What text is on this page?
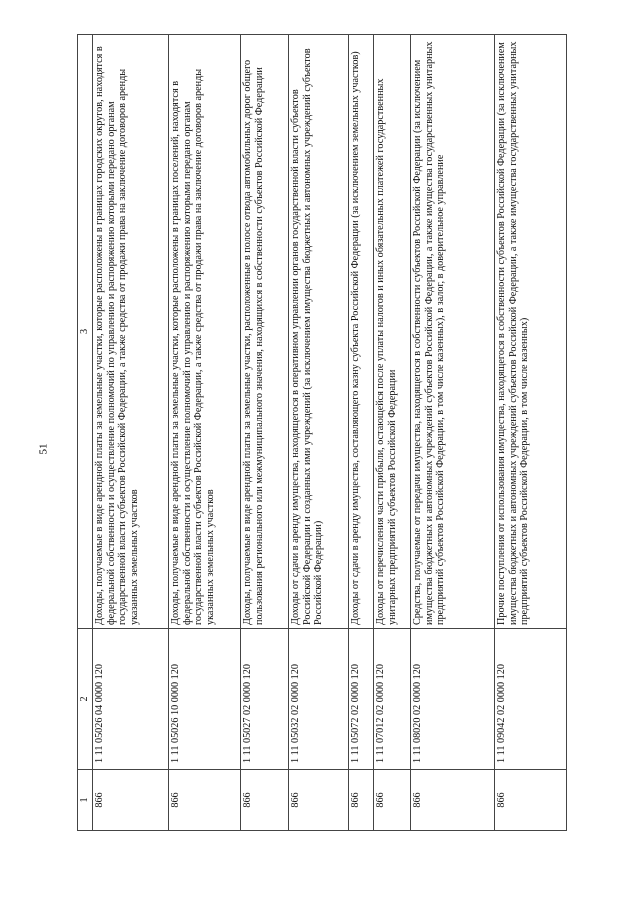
51
1	2	3
866	1 11 05026 04 0000 120	Доходы, получаемые в виде арендной платы за земельные участки, которые расположены в границах городских округов, находятся в федеральной собственности и осуществление полномочий по управлению и распоряжению которыми передано органам государственной власти субъектов Российской Федерации, а также средства от продажи права на заключение договоров аренды указанных земельных участков
866	1 11 05026 10 0000 120	Доходы, получаемые в виде арендной платы за земельные участки, которые расположены в границах поселений, находятся в федеральной собственности и осуществление полномочий по управлению и распоряжению которыми передано органам государственной власти субъектов Российской Федерации, а также средства от продажи права на заключение договоров аренды указанных земельных участков
866	1 11 05027 02 0000 120	Доходы, получаемые в виде арендной платы за земельные участки, расположенные в полосе отвода автомобильных дорог общего пользования регионального или межмуниципального значения, находящихся в собственности субъектов Российской Федерации
866	1 11 05032 02 0000 120	Доходы от сдачи в аренду имущества, находящегося в оперативном управлении органов государственной власти субъектов Российской Федерации и созданных ими учреждений (за исключением имущества бюджетных и автономных учреждений субъектов Российской Федерации)
866	1 11 05072 02 0000 120	Доходы от сдачи в аренду имущества, составляющего казну субъекта Российской Федерации (за исключением земельных участков)
866	1 11 07012 02 0000 120	Доходы от перечисления части прибыли, остающейся после уплаты налогов и иных обязательных платежей государственных унитарных предприятий субъектов Российской Федерации
866	1 11 08020 02 0000 120	Средства, получаемые от передачи имущества, находящегося в собственности субъектов Российской Федерации (за исключением имущества бюджетных и автономных учреждений субъектов Российской Федерации, а также имущества государственных унитарных предприятий субъектов Российской Федерации, в том числе казенных), в залог, в доверительное управление
866	1 11 09042 02 0000 120	Прочие поступления от использования имущества, находящегося в собственности субъектов Российской Федерации (за исключением имущества бюджетных и автономных учреждений субъектов Российской Федерации, а также имущества государственных унитарных предприятий субъектов Российской Федерации, в том числе казенных)
